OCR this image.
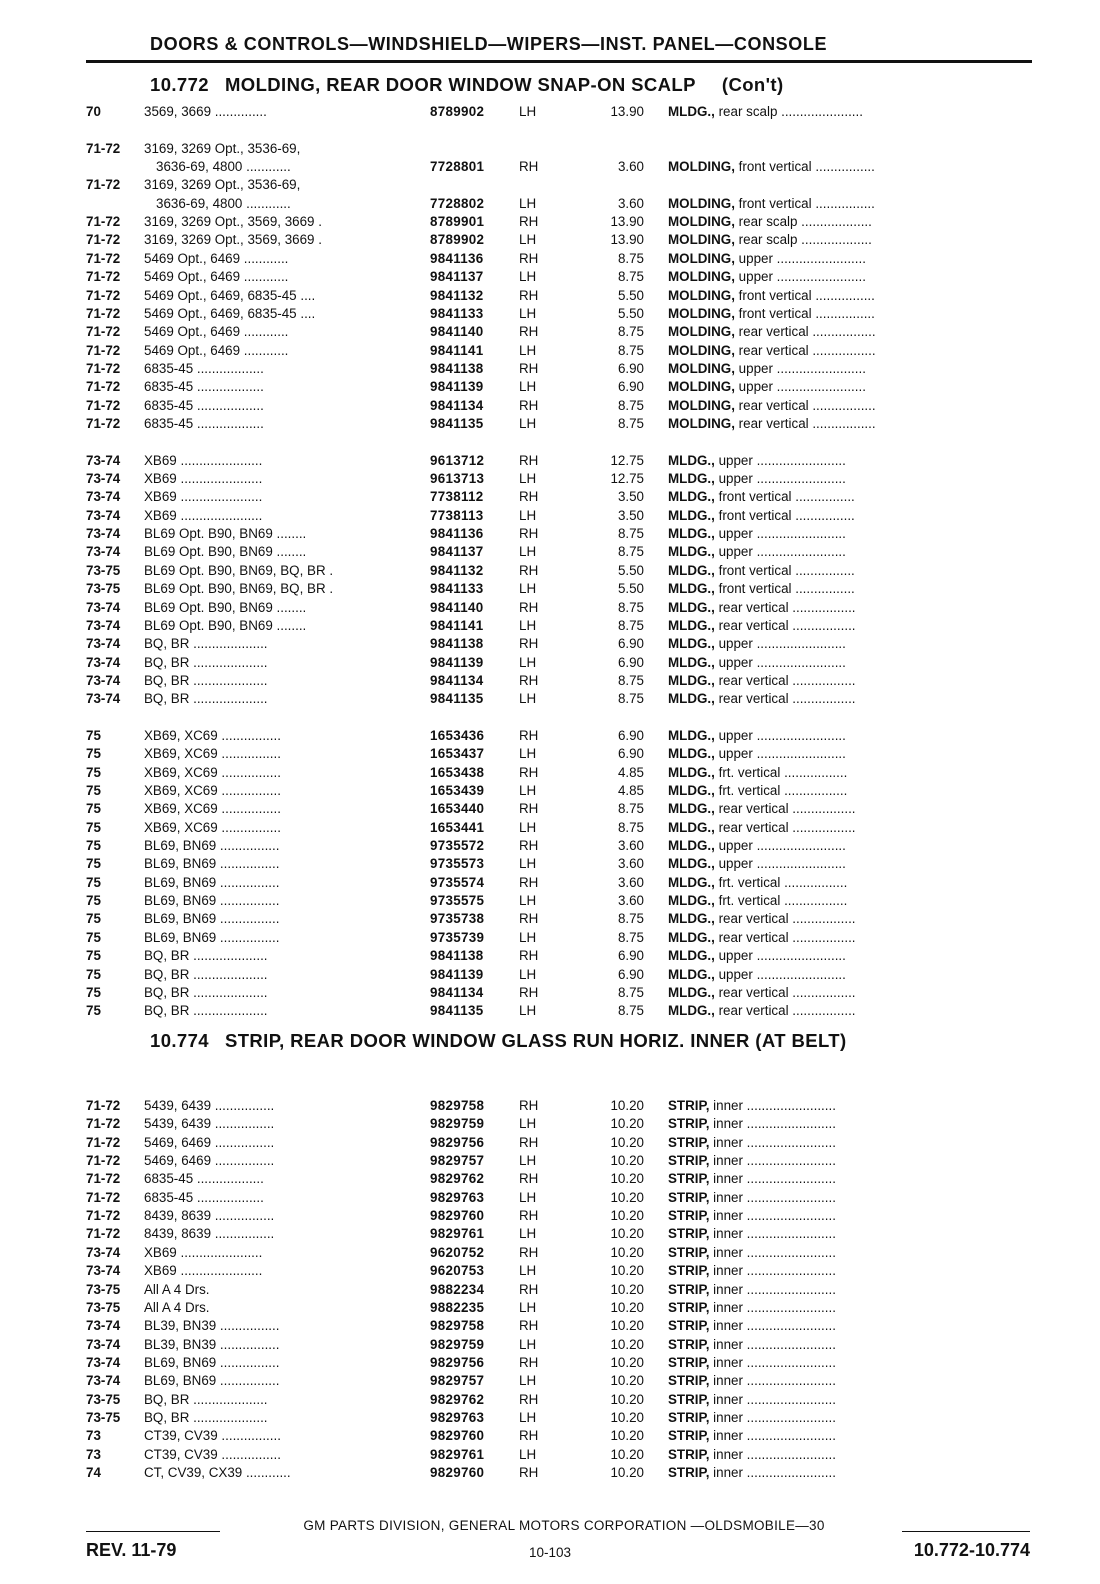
DOORS & CONTROLS—WINDSHIELD—WIPERS—INST. PANEL—CONSOLE
10.772 MOLDING, REAR DOOR WINDOW SNAP-ON SCALP (Con't)
10.774 STRIP, REAR DOOR WINDOW GLASS RUN HORIZ. INNER (AT BELT)
70	3569, 3669 ..............	8789902	LH	13.90 MLDG., rear scalp ......................
71-72	3169, 3269 Opt., 3536-69,
3636-69, 4800 ............	7728801	RH	3.60 MOLDING, front vertical ................
71-72	3169, 3269 Opt., 3536-69,
3636-69, 4800 ............	7728802	LH	3.60 MOLDING, front vertical ................
71-72	3169, 3269 Opt., 3569, 3669 .	8789901	RH	13.90 MOLDING, rear scalp ...................
71-72	3169, 3269 Opt., 3569, 3669 .	8789902	LH	13.90 MOLDING, rear scalp ...................
71-72	5469 Opt., 6469 ............	9841136	RH	8.75 MOLDING, upper ........................
71-72	5469 Opt., 6469 ............	9841137	LH	8.75 MOLDING, upper ........................
71-72	5469 Opt., 6469, 6835-45 ....	9841132	RH	5.50 MOLDING, front vertical ................
71-72	5469 Opt., 6469, 6835-45 ....	9841133	LH	5.50 MOLDING, front vertical ................
71-72	5469 Opt., 6469 ............	9841140	RH	8.75 MOLDING, rear vertical .................
71-72	5469 Opt., 6469 ............	9841141	LH	8.75 MOLDING, rear vertical .................
71-72	6835-45 ..................	9841138	RH	6.90 MOLDING, upper ........................
71-72	6835-45 ..................	9841139	LH	6.90 MOLDING, upper ........................
71-72	6835-45 ..................	9841134	RH	8.75 MOLDING, rear vertical .................
71-72	6835-45 ..................	9841135	LH	8.75 MOLDING, rear vertical .................
73-74	XB69 ......................	9613712	RH	12.75 MLDG., upper ........................
73-74	XB69 ......................	9613713	LH	12.75 MLDG., upper ........................
73-74	XB69 ......................	7738112	RH	3.50 MLDG., front vertical ................
73-74	XB69 ......................	7738113	LH	3.50 MLDG., front vertical ................
73-74	BL69 Opt. B90, BN69 ........	9841136	RH	8.75 MLDG., upper ........................
73-74	BL69 Opt. B90, BN69 ........	9841137	LH	8.75 MLDG., upper ........................
73-75	BL69 Opt. B90, BN69, BQ, BR .	9841132	RH	5.50 MLDG., front vertical ................
73-75	BL69 Opt. B90, BN69, BQ, BR .	9841133	LH	5.50 MLDG., front vertical ................
73-74	BL69 Opt. B90, BN69 ........	9841140	RH	8.75 MLDG., rear vertical .................
73-74	BL69 Opt. B90, BN69 ........	9841141	LH	8.75 MLDG., rear vertical .................
73-74	BQ, BR ....................	9841138	RH	6.90 MLDG., upper ........................
73-74	BQ, BR ....................	9841139	LH	6.90 MLDG., upper ........................
73-74	BQ, BR ....................	9841134	RH	8.75 MLDG., rear vertical .................
73-74	BQ, BR ....................	9841135	LH	8.75 MLDG., rear vertical .................
75	XB69, XC69 ................	1653436	RH	6.90 MLDG., upper ........................
75	XB69, XC69 ................	1653437	LH	6.90 MLDG., upper ........................
75	XB69, XC69 ................	1653438	RH	4.85 MLDG., frt. vertical .................
75	XB69, XC69 ................	1653439	LH	4.85 MLDG., frt. vertical .................
75	XB69, XC69 ................	1653440	RH	8.75 MLDG., rear vertical .................
75	XB69, XC69 ................	1653441	LH	8.75 MLDG., rear vertical .................
75	BL69, BN69 ................	9735572	RH	3.60 MLDG., upper ........................
75	BL69, BN69 ................	9735573	LH	3.60 MLDG., upper ........................
75	BL69, BN69 ................	9735574	RH	3.60 MLDG., frt. vertical .................
75	BL69, BN69 ................	9735575	LH	3.60 MLDG., frt. vertical .................
75	BL69, BN69 ................	9735738	RH	8.75 MLDG., rear vertical .................
75	BL69, BN69 ................	9735739	LH	8.75 MLDG., rear vertical .................
75	BQ, BR ....................	9841138	RH	6.90 MLDG., upper ........................
75	BQ, BR ....................	9841139	LH	6.90 MLDG., upper ........................
75	BQ, BR ....................	9841134	RH	8.75 MLDG., rear vertical .................
75	BQ, BR ....................	9841135	LH	8.75 MLDG., rear vertical .................
71-72	5439, 6439 ................	9829758	RH	10.20 STRIP, inner ........................
71-72	5439, 6439 ................	9829759	LH	10.20 STRIP, inner ........................
71-72	5469, 6469 ................	9829756	RH	10.20 STRIP, inner ........................
71-72	5469, 6469 ................	9829757	LH	10.20 STRIP, inner ........................
71-72	6835-45 ..................	9829762	RH	10.20 STRIP, inner ........................
71-72	6835-45 ..................	9829763	LH	10.20 STRIP, inner ........................
71-72	8439, 8639 ................	9829760	RH	10.20 STRIP, inner ........................
71-72	8439, 8639 ................	9829761	LH	10.20 STRIP, inner ........................
73-74	XB69 ......................	9620752	RH	10.20 STRIP, inner ........................
73-74	XB69 ......................	9620753	LH	10.20 STRIP, inner ........................
73-75	All A 4 Drs.	9882234	RH	10.20 STRIP, inner ........................
73-75	All A 4 Drs.	9882235	LH	10.20 STRIP, inner ........................
73-74	BL39, BN39 ................	9829758	RH	10.20 STRIP, inner ........................
73-74	BL39, BN39 ................	9829759	LH	10.20 STRIP, inner ........................
73-74	BL69, BN69 ................	9829756	RH	10.20 STRIP, inner ........................
73-74	BL69, BN69 ................	9829757	LH	10.20 STRIP, inner ........................
73-75	BQ, BR ....................	9829762	RH	10.20 STRIP, inner ........................
73-75	BQ, BR ....................	9829763	LH	10.20 STRIP, inner ........................
73	CT39, CV39 ................	9829760	RH	10.20 STRIP, inner ........................
73	CT39, CV39 ................	9829761	LH	10.20 STRIP, inner ........................
74	CT, CV39, CX39 ............	9829760	RH	10.20 STRIP, inner ........................
GM PARTS DIVISION, GENERAL MOTORS CORPORATION —OLDSMOBILE—30
REV. 11-79	10-103	10.772-10.774
